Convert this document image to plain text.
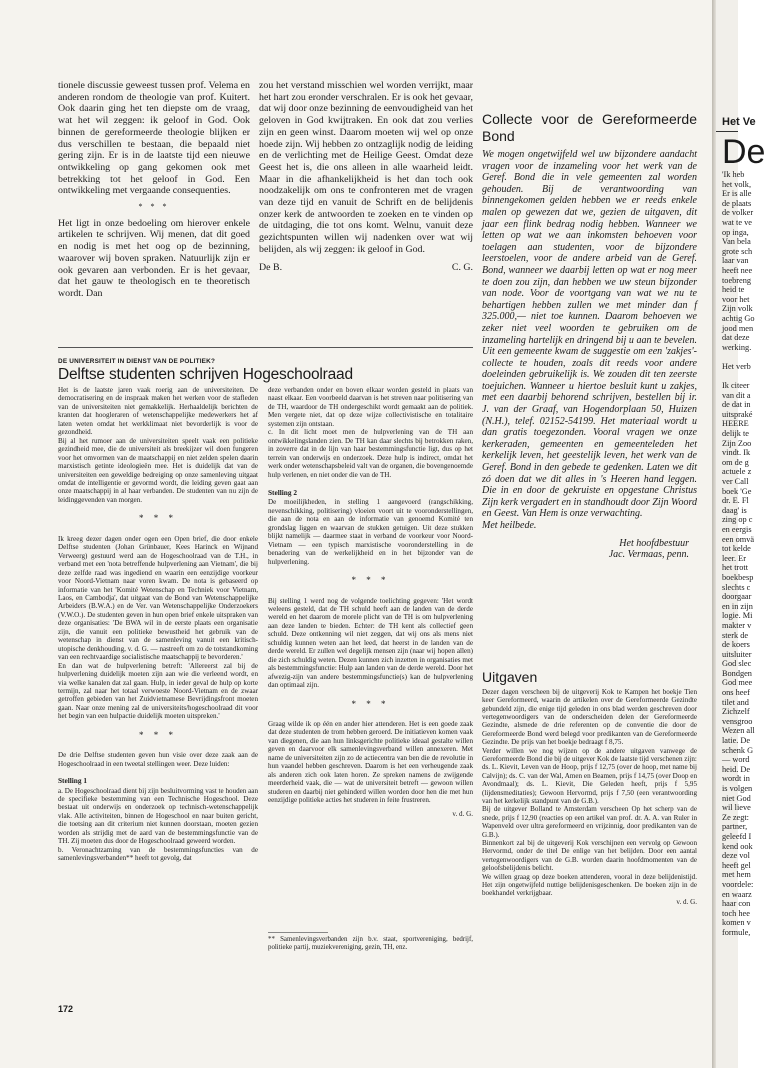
tionele discussie geweest tussen prof. Velema en anderen rondom de theologie van prof. Kuitert. Ook daarin ging het ten diepste om de vraag, wat het wil zeggen: ik geloof in God. Ook binnen de gereformeerde theologie blijken er dus verschillen te bestaan, die bepaald niet gering zijn. Er is in de laatste tijd een nieuwe ontwikkeling op gang gekomen ook met betrekking tot het geloof in God. Een ontwikkeling met vergaande consequenties.

* * *

Het ligt in onze bedoeling om hierover enkele artikelen te schrijven. Wij menen, dat dit goed en nodig is met het oog op de bezinning, waarover wij boven spraken. Natuurlijk zijn er ook gevaren aan verbonden. Er is het gevaar, dat het gauw te theologisch en te theoretisch wordt. Dan

zou het verstand misschien wel worden verrijkt, maar het hart zou eronder verschralen. Er is ook het gevaar, dat wij door onze bezinning de eenvoudigheid van het geloven in God kwijtraken. En ook dat zou verlies zijn en geen winst. Daarom moeten wij wel op onze hoede zijn. Wij hebben zo ontzaglijk nodig de leiding en de verlichting met de Heilige Geest. Omdat deze Geest het is, die ons alleen in alle waarheid leidt. Maar in die afhankelijkheid is het dan toch ook noodzakelijk om ons te confronteren met de vragen van deze tijd en vanuit de Schrift en de belijdenis onzer kerk de antwoorden te zoeken en te vinden op de uitdaging, die tot ons komt. Welnu, vanuit deze gezichtspunten willen wij nadenken over wat wij belijden, als wij zeggen: ik geloof in God.

De B.	C. G.
DE UNIVERSITEIT IN DIENST VAN DE POLITIEK?
Delftse studenten schrijven Hogeschoolraad

Het is de laatste jaren vaak roerig aan de universiteiten. De democratisering en de inspraak maken het werken voor de stafleden van de universiteiten niet gemakkelijk. Herhaaldelijk berichten de kranten dat hoogleraren of wetenschappelijke medewerkers het af laten weten omdat het werkklimaat niet bevorderlijk is voor de gezondheid.

Bij al het rumoer aan de universiteiten speelt vaak een politieke gezindheid mee, die de universiteit als breekijzer wil doen fungeren voor het omvormen van de maatschappij en niet zelden spelen daarin marxistisch getinte ideologieën mee. Het is duidelijk dat van de universiteiten een geweldige bedreiging op onze samenleving uitgaat omdat de intelligentie er gevormd wordt, die leiding geven gaat aan onze maatschappij in al haar verbanden. De studenten van nu zijn de leidinggevenden van morgen.

* * *

Ik kreeg dezer dagen onder ogen een Open brief, die door enkele Delftse studenten (Johan Grünbauer, Kees Harinck en Wijnand Verweerg) gestuurd werd aan de Hogeschoolraad van de T.H., in verband met een 'nota betreffende hulpverlening aan Vietnam', die bij deze zelfde raad was ingediend en waarin een eenzijdige voorkeur voor Noord-Vietnam naar voren kwam. De nota is gebaseerd op informatie van het 'Komité Wetenschap en Techniek voor Vietnam, Laos, en Cambodja', dat uitgaat van de Bond van Wetenschappelijke Arbeiders (B.W.A.) en de Ver. van Wetenschappelijke Onderzoekers (V.W.O.). De studenten geven in hun open brief enkele uitspraken van deze organisaties: 'De BWA wil in de eerste plaats een organisatie zijn, die vanuit een politieke bewustheid het gebruik van de wetenschap in dienst van de samenleving vanuit een kritisch-utopische denkhouding, v. d. G. — nastreeft om zo de totstandkoming van een rechtvaardige socialistische maatschappij te bevorderen.'

En dan wat de hulpverlening betreft: 'Allereerst zal bij de hulpverlening duidelijk moeten zijn aan wie die verleend wordt, en via welke kanalen dat zal gaan. Hulp, in ieder geval de hulp op korte termijn, zal naar het totaal verwoeste Noord-Vietnam en de zwaar getroffen gebieden van het Zuidvietnamese Bevrijdingsfront moeten gaan. Naar onze mening zal de universiteits/hogeschoolraad dit voor het begin van een hulpactie duidelijk moeten uitspreken.'

* * *

De drie Delftse studenten geven hun visie over deze zaak aan de Hogeschoolraad in een tweetal stellingen weer. Deze luiden:

Stelling 1

a. De Hogeschoolraad dient bij zijn besluitvorming vast te houden aan de specifieke bestemming van een Technische Hogeschool. Deze bestaat uit onderwijs en onderzoek op technisch-wetenschappelijk vlak. Alle activiteiten, binnen de Hogeschool en naar buiten gericht, die toetsing aan dit criterium niet kunnen doorstaan, moeten gezien worden als strijdig met de aard van de bestemmingsfunctie van de TH. Zij moeten dus door de Hogeschoolraad geweerd worden.

b. Veronachtzaming van de bestemmingsfuncties van de samenlevingsverbanden** heeft tot gevolg, dat

deze verbanden onder en boven elkaar worden gesteld in plaats van naast elkaar. Een voorbeeld daarvan is het streven naar politisering van de TH, waardoor de TH ondergeschikt wordt gemaakt aan de politiek. Men vergete niet, dat op deze wijze collectivistische en totalitaire systemen zijn ontstaan.

c. In dit licht moet men de hulpverlening van de TH aan ontwikkelingslanden zien. De TH kan daar slechts bij betrokken raken, in zoverre dat in de lijn van haar bestemmingsfunctie ligt, dus op het terrein van onderwijs en onderzoek. Deze hulp is indirect, omdat het werk onder wetenschapsbeleid valt van de organen, die bovengenoemde hulp verlenen, en niet onder die van de TH.

Stelling 2

De moeilijkheden, in stelling 1 aangevoerd (rangschikking, nevenschikking, politisering) vloeien voort uit te vooronderstellingen, die aan de nota en aan de informatie van genoemd Komité ten grondslag liggen en waarvan de stukken getuigen. Uit deze stukken blijkt namelijk — daarmee staat in verband de voorkeur voor Noord-Vietnam — een typisch marxistische vooronderstelling in de benadering van de werkelijkheid en in het bijzonder van de hulpverlening.

* * *

Bij stelling 1 werd nog de volgende toelichting gegeven: 'Het wordt weleens gesteld, dat de TH schuld heeft aan de landen van de derde wereld en het daarom de morele plicht van de TH is om hulpverlening aan deze landen te bieden. Echter: de TH kent als collectief geen schuld. Deze ontkenning wil niet zeggen, dat wij ons als mens niet schuldig kunnen weten aan het leed, dat heerst in de landen van de derde wereld. Er zullen wel degelijk mensen zijn (naar wij hopen allen) die zich schuldig weten. Dezen kunnen zich inzetten in organisaties met als bestemmingsfunctie: Hulp aan landen van de derde wereld. Door het afwezig-zijn van andere bestemmingsfunctie(s) kan de hulpverlening dan optimaal zijn.

* * *

Graag wilde ik op één en ander hier attenderen. Het is een goede zaak dat deze studenten de trom hebben geroerd. De initiatieven komen vaak van diegenen, die aan hun linksgerichte politieke ideaal gestalte willen geven en daarvoor elk samenlevingsverband willen annexeren. Met name de universiteiten zijn zo de actiecentra van ben die de revolutie in hun vaandel hebben geschreven. Daarom is het een verheugende zaak als anderen zich ook laten horen. Ze spreken namens de zwijgende meerderheid vaak, die — wat de universiteit betreft — gewoon willen studeren en daarbij niet gehinderd willen worden door hen die met hun eenzijdige politieke acties het studeren in feite frustreren.

v. d. G.
** Samenlevingsverbanden zijn b.v. staat, sportvereniging, bedrijf, politieke partij, muziekvereniging, gezin, TH, enz.
Collecte voor de Gereformeerde Bond
We mogen ongetwijfeld wel uw bijzondere aandacht vragen voor de inzameling voor het werk van de Geref. Bond die in vele gemeenten zal worden gehouden. Bij de verantwoording van binnengekomen gelden hebben we er reeds enkele malen op gewezen dat we, gezien de uitgaven, dit jaar een flink bedrag nodig hebben. Wanneer we letten op wat we aan inkomsten behoeven voor toelagen aan studenten, voor de bijzondere leerstoelen, voor de andere arbeid van de Geref. Bond, wanneer we daarbij letten op wat er nog meer te doen zou zijn, dan hebben we uw steun bijzonder van node. Voor de voortgang van wat we nu te behartigen hebben zullen we met minder dan f 325.000,— niet toe kunnen. Daarom behoeven we zeker niet veel woorden te gebruiken om de inzameling hartelijk en dringend bij u aan te bevelen. Uit een gemeente kwam de suggestie om een 'zakjes'-collecte te houden, zoals dit reeds voor andere doeleinden gebruikelijk is. We zouden dit ten zeerste toejuichen. Wanneer u hiertoe besluit kunt u zakjes, met een daarbij behorend schrijven, bestellen bij ir. J. van der Graaf, van Hogendorplaan 50, Huizen (N.H.), telef. 02152-54199. Het materiaal wordt u dan gratis toegezonden. Vooral vragen we onze kerkeraden, gemeenten en gemeenteleden het kerkelijk leven, het geestelijk leven, het werk van de Geref. Bond in den gebede te gedenken. Laten we dit zó doen dat we dit alles in 's Heeren hand leggen. Die in en door de gekruiste en opgestane Christus Zijn kerk vergadert en in standhoudt door Zijn Woord en Geest. Van Hem is onze verwachting.
Met heilbede.
Het hoofdbestuur
Jac. Vermaas, penn.
Uitgaven

Dezer dagen verscheen bij de uitgeverij Kok te Kampen het boekje Tien keer Gereformeerd, waarin de artikelen over de Gereformeerde Gezindte gebundeld zijn, die enige tijd geleden in ons blad werden geschreven door vertegenwoordigers van de onderscheiden delen der Gereformeerde Gezindte, alsmede de drie referenten op de conventie die door de Gereformeerde Bond werd belegd voor predikanten van de Gereformeerde Gezindte. De prijs van het boekje bedraagt f 8,75.

Verder willen we nog wijzen op de andere uitgaven vanwege de Gereformeerde Bond die bij de uitgever Kok de laatste tijd verschenen zijn:

ds. L. Kievit, Leven van de Hoop, prijs f 12,75 (over de hoop, met name bij Calvijn); ds. C. van der Wal, Amen en Beamen, prijs f 14,75 (over Doop en Avondmaal); ds. L. Kievit, Die Geleden heeft, prijs f 5,95 (lijdensmeditaties); Gewoon Hervormd, prijs f 7,50 (een verantwoording van het kerkelijk standpunt van de G.B.).

Bij de uitgever Bolland te Amsterdam verscheen Op het scherp van de snede, prijs f 12,90 (reacties op een artikel van prof. dr. A. A. van Ruler in Wapenveld over ultra gereformeerd en vrijzinnig, door predikanten van de G.B.).

Binnenkort zal bij de uitgeverij Kok verschijnen een vervolg op Gewoon Hervormd, onder de titel De enlige van het belijden. Door een aantal vertegenwoordigers van de G.B. worden daarin hoofdmomenten van de geloofsbelijdenis belicht.

We willen graag op deze boeken attenderen, vooral in deze belijdenistijd. Het zijn ongetwijfeld nuttige belijdenisgeschenken. De boeken zijn in de boekhandel verkrijgbaar.

v. d. G.
172
Het Ve
De
'Ik heb
het volk,
Er is alle
de plaats
de volker
wat te ve
op inga,
Van bela
grote sch
laar van
heeft nee
toebreng
heid te
voor het
Zijn volk
achtig Go
jood men
dat deze
werking.
Het verb
Ik citeer
van dit a
de dat in
uitspraké
HEERE
delijk te
Zijn Zoo
vindt. Ik
om de g
actuele z
ver Call
boek 'Ge
dr. E. Fl
daag' is
zing op c
en eergis
een omvä
tot kelde
leer. Er
het trott
boekbesp
slechts c
doorgaar
en in zijn
logie. Mi
makter v
sterk de
de koers
uitsluiter
God slec
Bondgen
God mee
ons heef
tilet and
Zichzelf
vensgroo
Wezen all
latie. De
schenk G
— word
heid. De
wordt in
is volgen
niet God
wil lieve
Ze zegt:
partner,
geleefd I
kend ook
deze vol
heeft gel
met hem
voordele:
en waarz
haar con
toch hee
komen v
formule,
